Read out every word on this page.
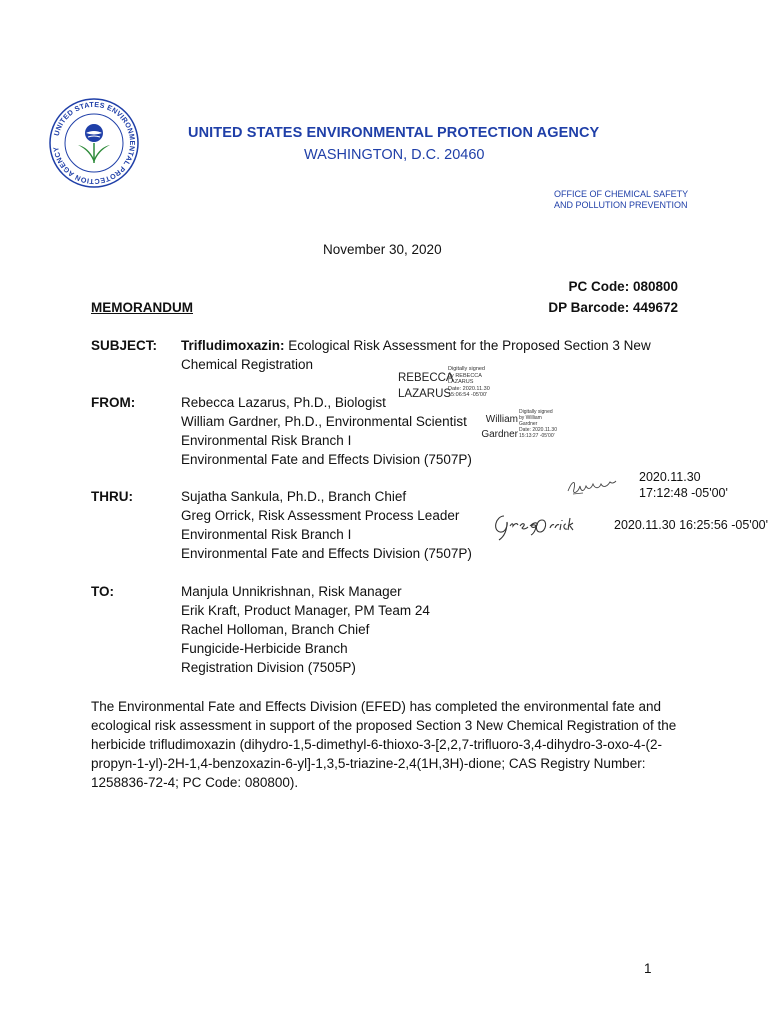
UNITED STATES ENVIRONMENTAL PROTECTION AGENCY
UNITED STATES ENVIRONMENTAL PROTECTION AGENCY
WASHINGTON, D.C. 20460
OFFICE OF CHEMICAL SAFETY
AND POLLUTION PREVENTION
November 30, 2020
PC Code: 080800
DP Barcode: 449672
MEMORANDUM
SUBJECT: Trifludimoxazin: Ecological Risk Assessment for the Proposed Section 3 New
Chemical Registration
FROM:	Rebecca Lazarus, Ph.D., Biologist
William Gardner, Ph.D., Environmental Scientist
Environmental Risk Branch I
Environmental Fate and Effects Division (7507P)
REBECCA
LAZARUS
Digitally signed
by REBECCA
LAZARUS
Date: 2020.11.30
15:06:54 -05'00'
William
Gardner
Digitally signed
by William
Gardner
Date: 2020.11.30
15:13:27 -05'00'
THRU:	Sujatha Sankula, Ph.D., Branch Chief
Greg Orrick, Risk Assessment Process Leader
Environmental Risk Branch I
Environmental Fate and Effects Division (7507P)
2020.11.30
17:12:48 -05'00'
2020.11.30 16:25:56 -05'00'
TO:	Manjula Unnikrishnan, Risk Manager
Erik Kraft, Product Manager, PM Team 24
Rachel Holloman, Branch Chief
Fungicide-Herbicide Branch
Registration Division (7505P)
The Environmental Fate and Effects Division (EFED) has completed the environmental fate and ecological risk assessment in support of the proposed Section 3 New Chemical Registration of the herbicide trifludimoxazin (dihydro-1,5-dimethyl-6-thioxo-3-[2,2,7-trifluoro-3,4-dihydro-3-oxo-4-(2-propyn-1-yl)-2H-1,4-benzoxazin-6-yl]-1,3,5-triazine-2,4(1H,3H)-dione; CAS Registry Number: 1258836-72-4; PC Code: 080800).
1
